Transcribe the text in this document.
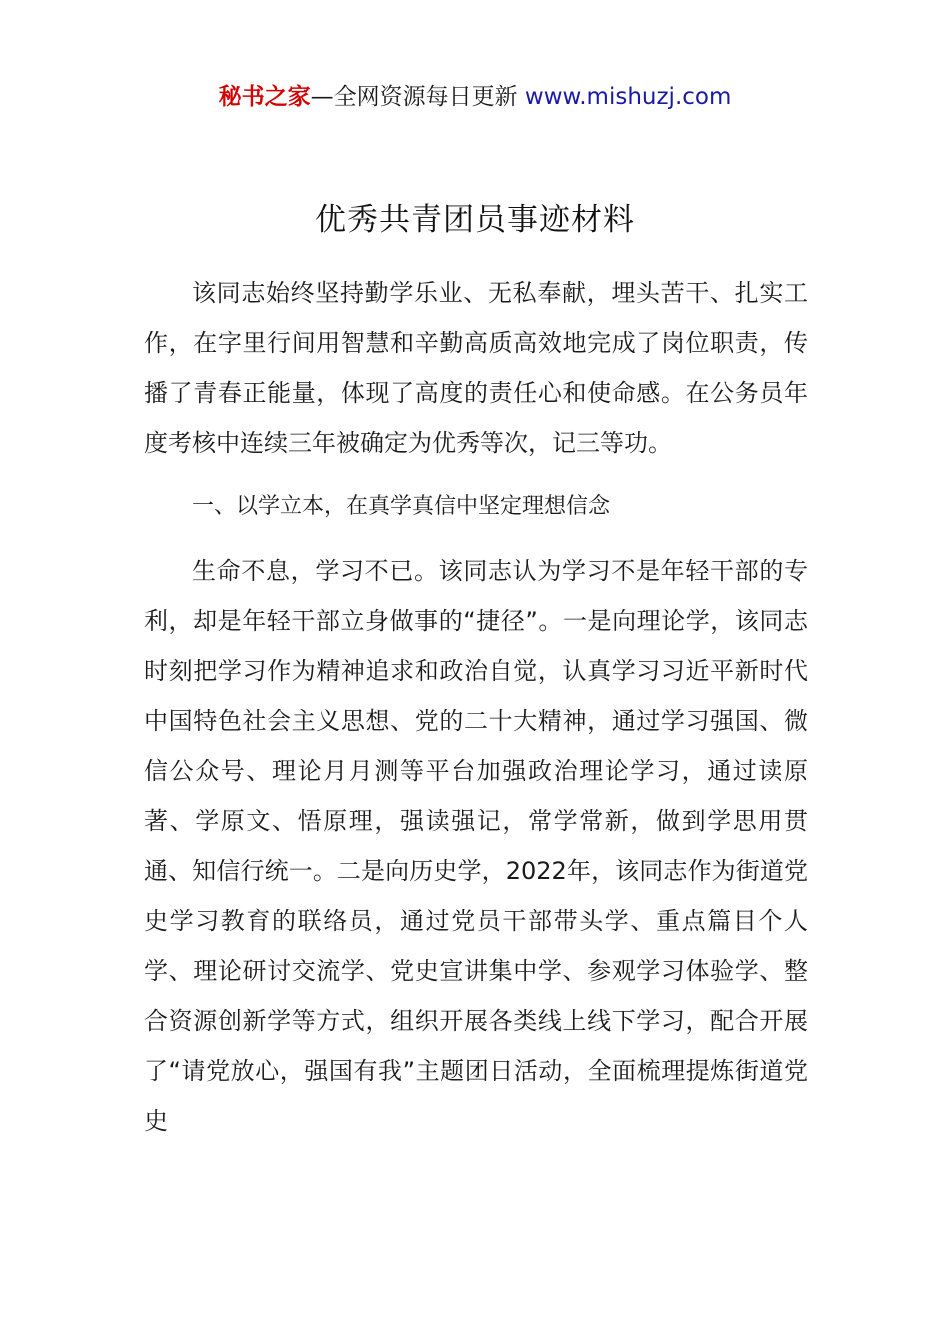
秘书之家—全网资源每日更新 www.mishuzj.com
优秀共青团员事迹材料

该同志始终坚持勤学乐业、无私奉献，埋头苦干、扎实工作，在字里行间用智慧和辛勤高质高效地完成了岗位职责，传播了青春正能量，体现了高度的责任心和使命感。在公务员年度考核中连续三年被确定为优秀等次，记三等功。

一、以学立本，在真学真信中坚定理想信念

生命不息，学习不已。该同志认为学习不是年轻干部的专利，却是年轻干部立身做事的“捷径”。一是向理论学，该同志时刻把学习作为精神追求和政治自觉，认真学习习近平新时代中国特色社会主义思想、党的二十大精神，通过学习强国、微信公众号、理论月月测等平台加强政治理论学习，通过读原著、学原文、悟原理，强读强记，常学常新，做到学思用贯通、知信行统一。二是向历史学，2022年，该同志作为街道党史学习教育的联络员，通过党员干部带头学、重点篇目个人学、理论研讨交流学、党史宣讲集中学、参观学习体验学、整合资源创新学等方式，组织开展各类线上线下学习，配合开展了“请党放心，强国有我”主题团日活动，全面梳理提炼街道党史
